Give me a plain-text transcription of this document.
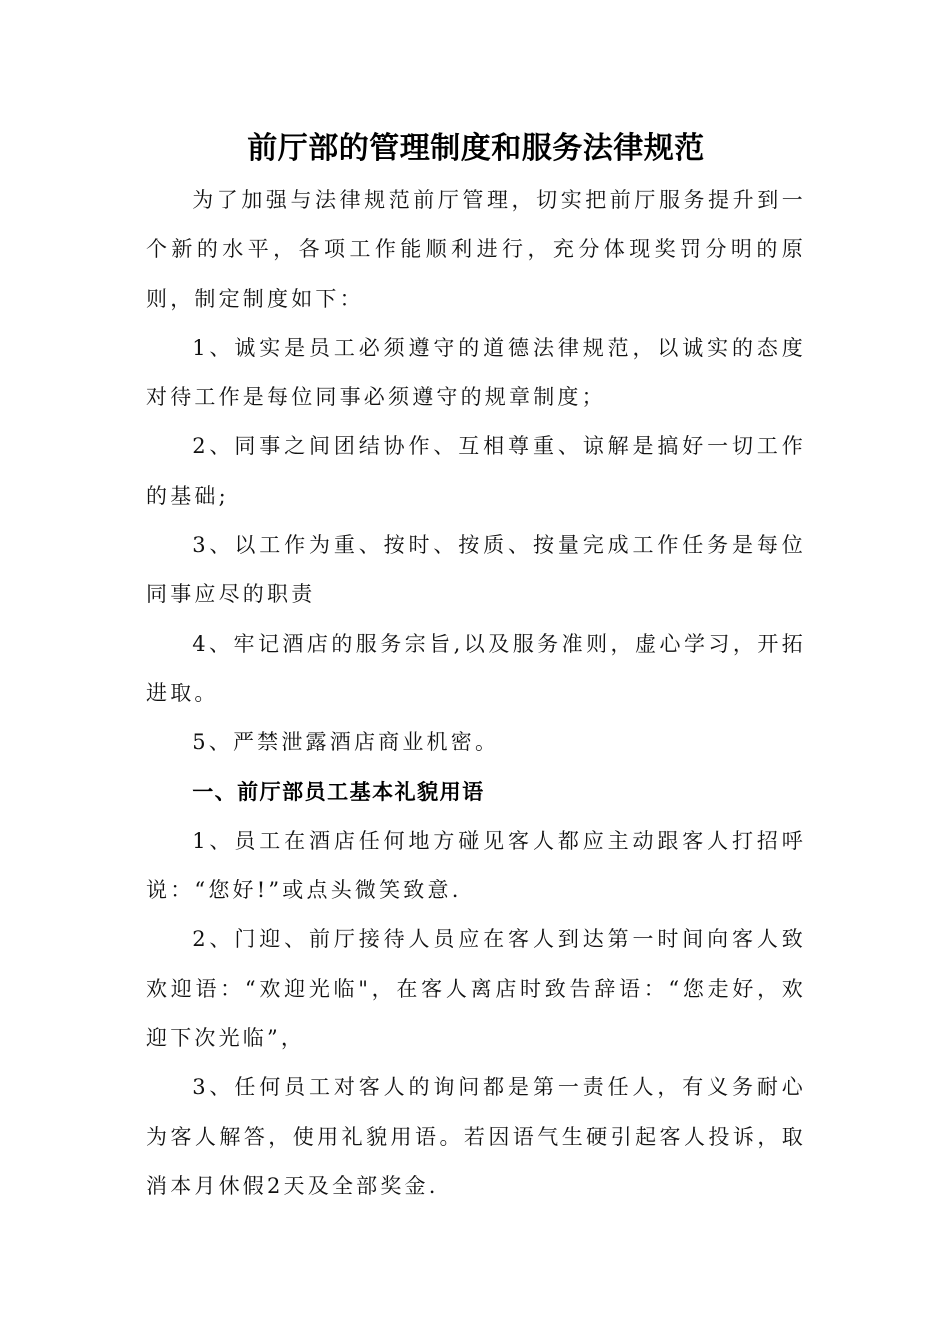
前厅部的管理制度和服务法律规范

为了加强与法律规范前厅管理，切实把前厅服务提升到一个新的水平，各项工作能顺利进行，充分体现奖罚分明的原则，制定制度如下：

1、诚实是员工必须遵守的道德法律规范，以诚实的态度对待工作是每位同事必须遵守的规章制度；

2、同事之间团结协作、互相尊重、谅解是搞好一切工作的基础;

3、以工作为重、按时、按质、按量完成工作任务是每位同事应尽的职责

4、牢记酒店的服务宗旨,以及服务准则，虚心学习，开拓进取。

5、严禁泄露酒店商业机密。

一、前厅部员工基本礼貌用语

1、员工在酒店任何地方碰见客人都应主动跟客人打招呼说：“您好!”或点头微笑致意.

2、门迎、前厅接待人员应在客人到达第一时间向客人致欢迎语：“欢迎光临"，在客人离店时致告辞语：“您走好，欢迎下次光临”，

3、任何员工对客人的询问都是第一责任人，有义务耐心为客人解答，使用礼貌用语。若因语气生硬引起客人投诉，取消本月休假2天及全部奖金.
